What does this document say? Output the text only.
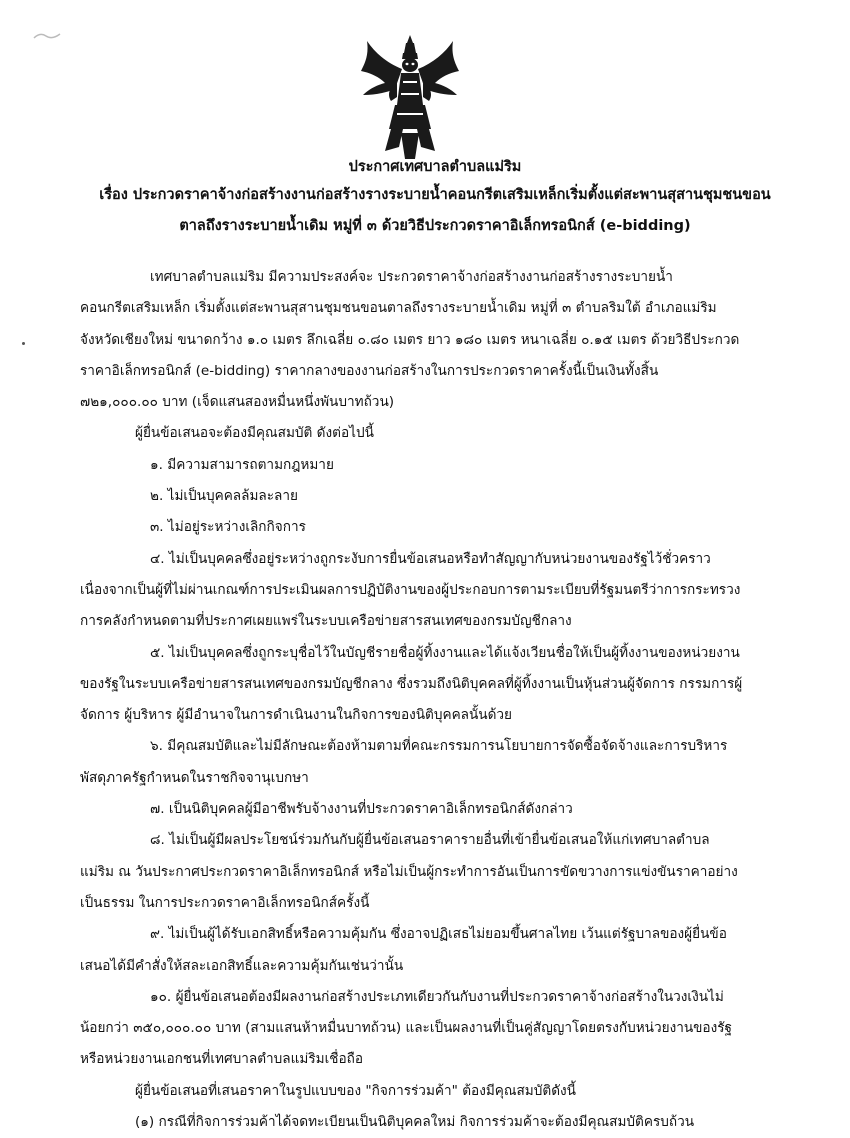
ประกาศเทศบาลตำบลแม่ริม
เรื่อง ประกวดราคาจ้างก่อสร้างงานก่อสร้างรางระบายน้ำคอนกรีตเสริมเหล็กเริ่มตั้งแต่สะพานสุสานชุมชนขอน
ตาลถึงรางระบายน้ำเดิม หมู่ที่ ๓ ด้วยวิธีประกวดราคาอิเล็กทรอนิกส์ (e-bidding)

เทศบาลตำบลแม่ริม มีความประสงค์จะ ประกวดราคาจ้างก่อสร้างงานก่อสร้างรางระบายน้ำ

คอนกรีตเสริมเหล็ก เริ่มตั้งแต่สะพานสุสานชุมชนขอนตาลถึงรางระบายน้ำเดิม หมู่ที่ ๓ ตำบลริมใต้ อำเภอแม่ริม

จังหวัดเชียงใหม่ ขนาดกว้าง ๑.๐ เมตร ลึกเฉลี่ย ๐.๘๐ เมตร ยาว ๑๘๐ เมตร หนาเฉลี่ย ๐.๑๕ เมตร ด้วยวิธีประกวด

ราคาอิเล็กทรอนิกส์ (e-bidding) ราคากลางของงานก่อสร้างในการประกวดราคาครั้งนี้เป็นเงินทั้งสิ้น

๗๒๑,๐๐๐.๐๐ บาท (เจ็ดแสนสองหมื่นหนึ่งพันบาทถ้วน)

ผู้ยื่นข้อเสนอจะต้องมีคุณสมบัติ ดังต่อไปนี้

๑. มีความสามารถตามกฎหมาย

๒. ไม่เป็นบุคคลล้มละลาย

๓. ไม่อยู่ระหว่างเลิกกิจการ

๔. ไม่เป็นบุคคลซึ่งอยู่ระหว่างถูกระงับการยื่นข้อเสนอหรือทำสัญญากับหน่วยงานของรัฐไว้ชั่วคราว

เนื่องจากเป็นผู้ที่ไม่ผ่านเกณฑ์การประเมินผลการปฏิบัติงานของผู้ประกอบการตามระเบียบที่รัฐมนตรีว่าการกระทรวง

การคลังกำหนดตามที่ประกาศเผยแพร่ในระบบเครือข่ายสารสนเทศของกรมบัญชีกลาง

๕. ไม่เป็นบุคคลซึ่งถูกระบุชื่อไว้ในบัญชีรายชื่อผู้ทิ้งงานและได้แจ้งเวียนชื่อให้เป็นผู้ทิ้งงานของหน่วยงาน

ของรัฐในระบบเครือข่ายสารสนเทศของกรมบัญชีกลาง ซึ่งรวมถึงนิติบุคคลที่ผู้ทิ้งงานเป็นหุ้นส่วนผู้จัดการ กรรมการผู้

จัดการ ผู้บริหาร ผู้มีอำนาจในการดำเนินงานในกิจการของนิติบุคคลนั้นด้วย

๖. มีคุณสมบัติและไม่มีลักษณะต้องห้ามตามที่คณะกรรมการนโยบายการจัดซื้อจัดจ้างและการบริหาร

พัสดุภาครัฐกำหนดในราชกิจจานุเบกษา

๗. เป็นนิติบุคคลผู้มีอาชีพรับจ้างงานที่ประกวดราคาอิเล็กทรอนิกส์ดังกล่าว

๘. ไม่เป็นผู้มีผลประโยชน์ร่วมกันกับผู้ยื่นข้อเสนอราคารายอื่นที่เข้ายื่นข้อเสนอให้แก่เทศบาลตำบล

แม่ริม ณ วันประกาศประกวดราคาอิเล็กทรอนิกส์ หรือไม่เป็นผู้กระทำการอันเป็นการขัดขวางการแข่งขันราคาอย่าง

เป็นธรรม ในการประกวดราคาอิเล็กทรอนิกส์ครั้งนี้

๙. ไม่เป็นผู้ได้รับเอกสิทธิ์หรือความคุ้มกัน ซึ่งอาจปฏิเสธไม่ยอมขึ้นศาลไทย เว้นแต่รัฐบาลของผู้ยื่นข้อ

เสนอได้มีคำสั่งให้สละเอกสิทธิ์และความคุ้มกันเช่นว่านั้น

๑๐. ผู้ยื่นข้อเสนอต้องมีผลงานก่อสร้างประเภทเดียวกันกับงานที่ประกวดราคาจ้างก่อสร้างในวงเงินไม่

น้อยกว่า ๓๕๐,๐๐๐.๐๐ บาท (สามแสนห้าหมื่นบาทถ้วน) และเป็นผลงานที่เป็นคู่สัญญาโดยตรงกับหน่วยงานของรัฐ

หรือหน่วยงานเอกชนที่เทศบาลตำบลแม่ริมเชื่อถือ

ผู้ยื่นข้อเสนอที่เสนอราคาในรูปแบบของ "กิจการร่วมค้า" ต้องมีคุณสมบัติดังนี้

(๑) กรณีที่กิจการร่วมค้าได้จดทะเบียนเป็นนิติบุคคลใหม่ กิจการร่วมค้าจะต้องมีคุณสมบัติครบถ้วน
